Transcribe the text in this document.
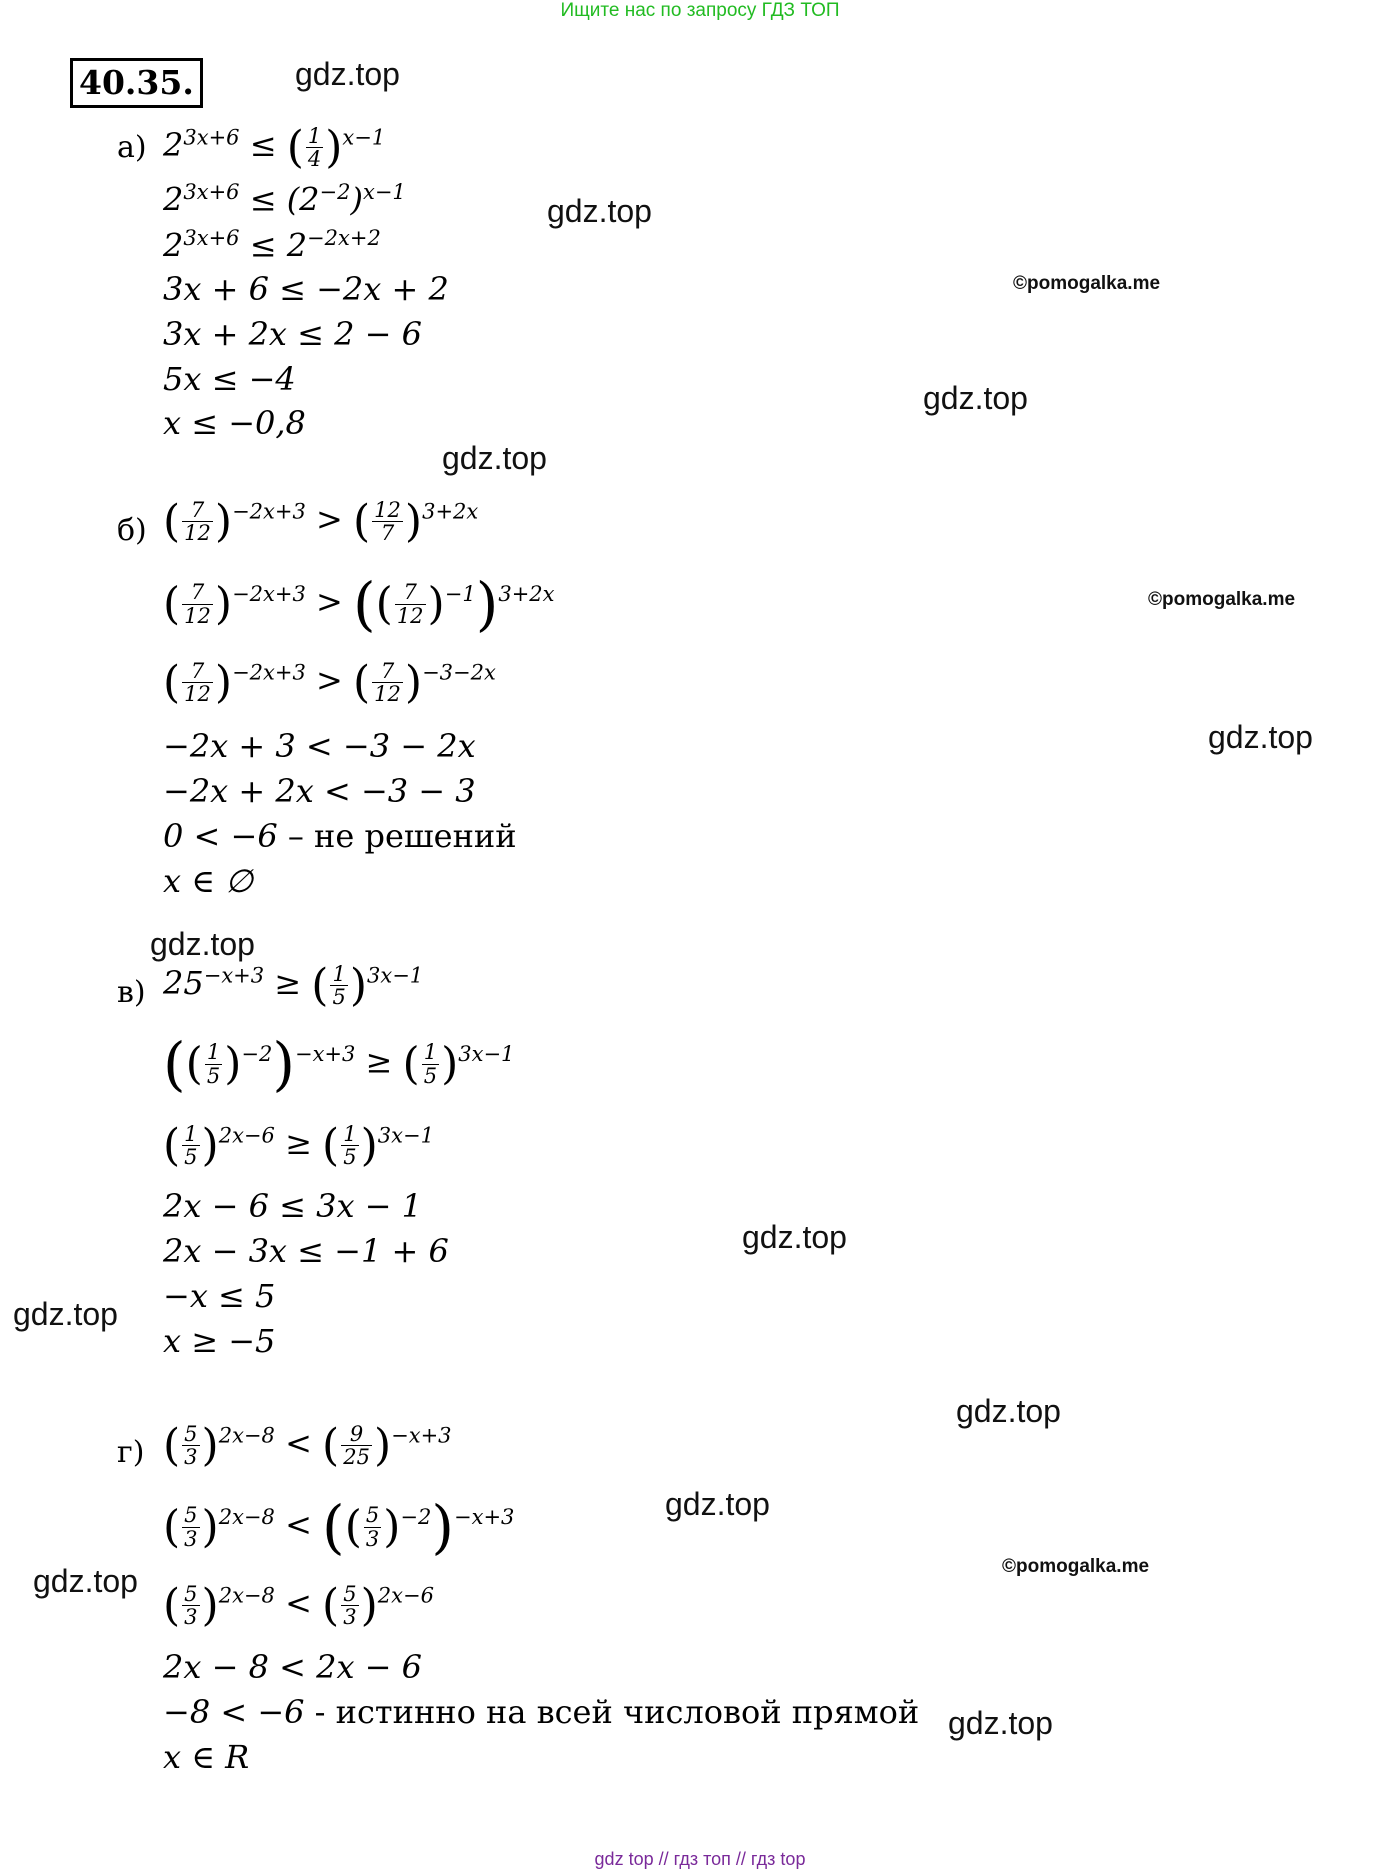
Ищите нас по запросу ГДЗ ТОП
40.35.	gdz.top
gdz.top
gdz.top
gdz.top
gdz.top
gdz.top
gdz.top
gdz.top
gdz.top
gdz.top
gdz.top
gdz.top
©pomogalka.me
©pomogalka.me
©pomogalka.me
а) $2^{3x+6}$ ≤ ( $\frac{1}{4} )^{x-1}$
$2^{3x+6} \le (2^{-2})^{x-1}$
$2^{3x+6} \le 2^{-2x+2}$
3x + 6 ≤ −2x + 2
3x + 2x ≤ 2 − 6
5x ≤ −4
x ≤ −0,8
б) ( $\frac{7}{12} )^{-2x+3}$ > ( $\frac{12}{7} )^{3+2x}$
( $\frac{7}{12} )^{-2x+3}$ > (( $\frac{7}{12} )^{-1})^{3+2x}$
( $\frac{7}{12} )^{-2x+3}$ > ( $\frac{7}{12} )^{-3-2x}$
−2x + 3 < −3 − 2x
−2x + 2x < −3 − 3
0 < −6 – не решений
x ∈ ∅
в) $25^{-x+3}$ ≥ ( $\frac{1}{5} )^{3x-1}$
(( $\frac{1}{5} )^{-2})^{-x+3}$ ≥ ( $\frac{1}{5} )^{3x-1}$
( $\frac{1}{5} )^{2x-6}$ ≥ ( $\frac{1}{5} )^{3x-1}$
2x − 6 ≤ 3x − 1
2x − 3x ≤ −1 + 6
−x ≤ 5
x ≥ −5
г) ( $\frac{5}{3} )^{2x-8}$ < ( $\frac{9}{25} )^{-x+3}$
( $\frac{5}{3} )^{2x-8}$ < (( $\frac{5}{3} )^{-2})^{-x+3}$
( $\frac{5}{3} )^{2x-8}$ < ( $\frac{5}{3} )^{2x-6}$
2x − 8 < 2x − 6
−8 < −6 - истинно на всей числовой прямой
x ∈ R
gdz top // гдз топ // гдз top
